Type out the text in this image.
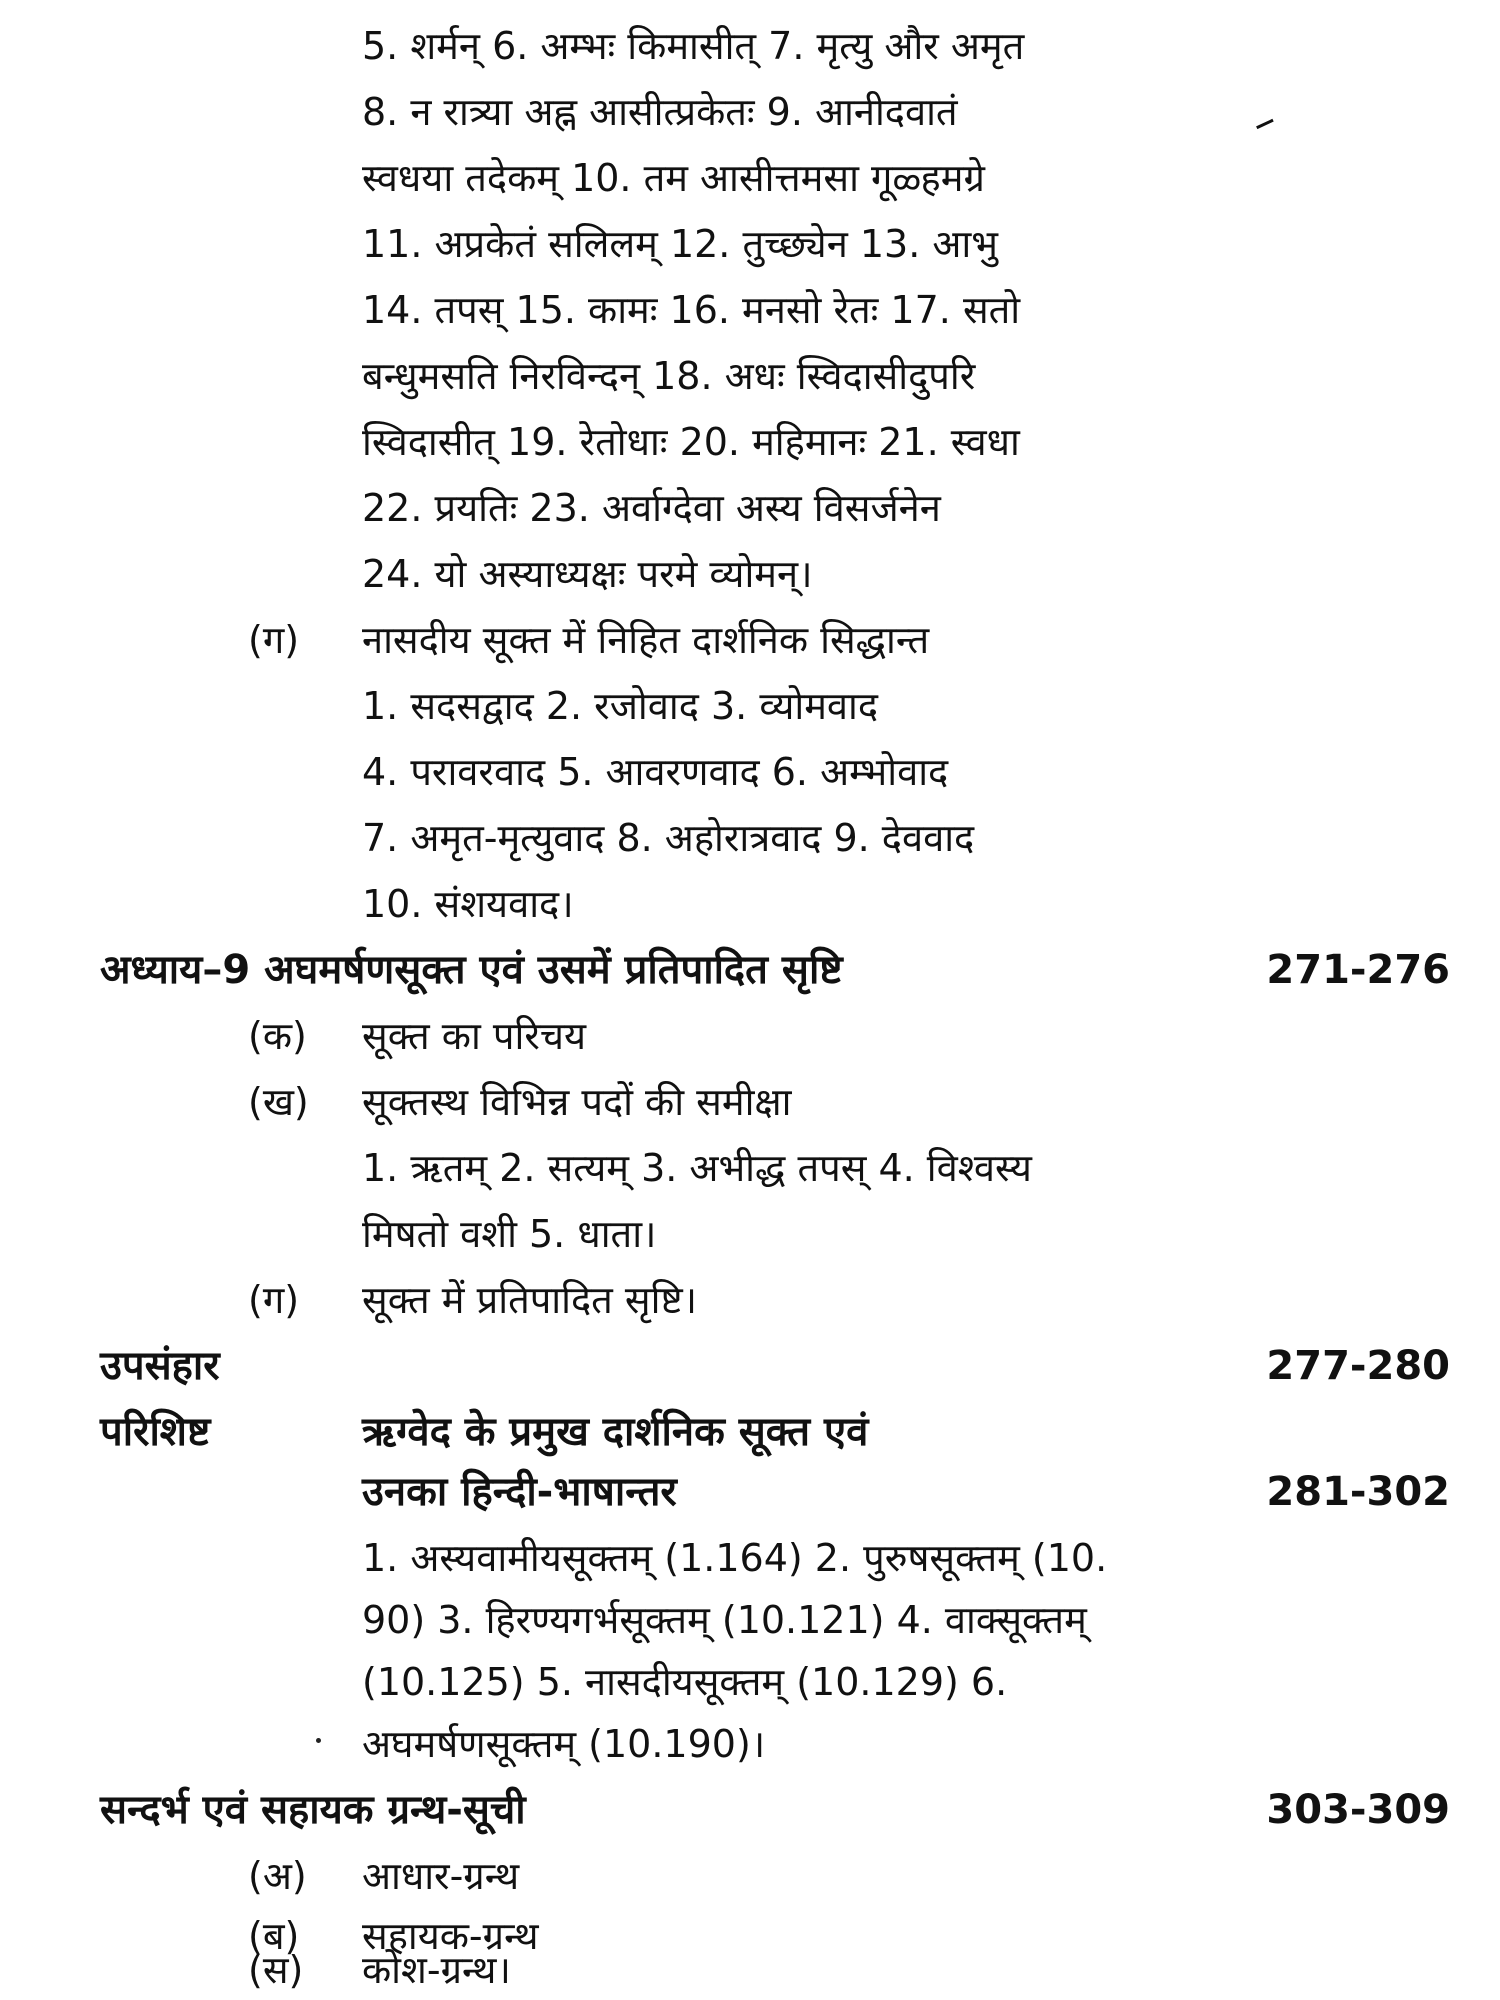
5. शर्मन् 6. अम्भः किमासीत् 7. मृत्यु और अमृत
8. न रात्र्या अह्न आसीत्प्रकेतः 9. आनीदवातं
स्वधया तदेकम् 10. तम आसीत्तमसा गूळ्हमग्रे
11. अप्रकेतं सलिलम् 12. तुच्छ्येन 13. आभु
14. तपस् 15. कामः 16. मनसो रेतः 17. सतो
बन्धुमसति निरविन्दन् 18. अधः स्विदासीदुपरि
स्विदासीत् 19. रेतोधाः 20. महिमानः 21. स्वधा
22. प्रयतिः 23. अर्वाग्देवा अस्य विसर्जनेन
24. यो अस्याध्यक्षः परमे व्योमन्।
(ग) नासदीय सूक्त में निहित दार्शनिक सिद्धान्त
1. सदसद्वाद 2. रजोवाद 3. व्योमवाद
4. परावरवाद 5. आवरणवाद 6. अम्भोवाद
7. अमृत-मृत्युवाद 8. अहोरात्रवाद 9. देववाद
10. संशयवाद।
अध्याय–9 अघमर्षणसूक्त एवं उसमें प्रतिपादित सृष्टि	271-276
(क) सूक्त का परिचय
(ख) सूक्तस्थ विभिन्न पदों की समीक्षा
1. ऋतम् 2. सत्यम् 3. अभीद्ध तपस् 4. विश्वस्य
मिषतो वशी 5. धाता।
(ग) सूक्त में प्रतिपादित सृष्टि।
उपसंहार	277-280
परिशिष्ट	ऋग्वेद के प्रमुख दार्शनिक सूक्त एवं
उनका हिन्दी-भाषान्तर	281-302
1. अस्यवामीयसूक्तम् (1.164) 2. पुरुषसूक्तम् (10.
90) 3. हिरण्यगर्भसूक्तम् (10.121) 4. वाक्सूक्तम्
(10.125) 5. नासदीयसूक्तम् (10.129) 6.
अघमर्षणसूक्तम् (10.190)।
सन्दर्भ एवं सहायक ग्रन्थ-सूची	303-309
(अ) आधार-ग्रन्थ
(ब) सहायक-ग्रन्थ
(स) कोश-ग्रन्थ।
